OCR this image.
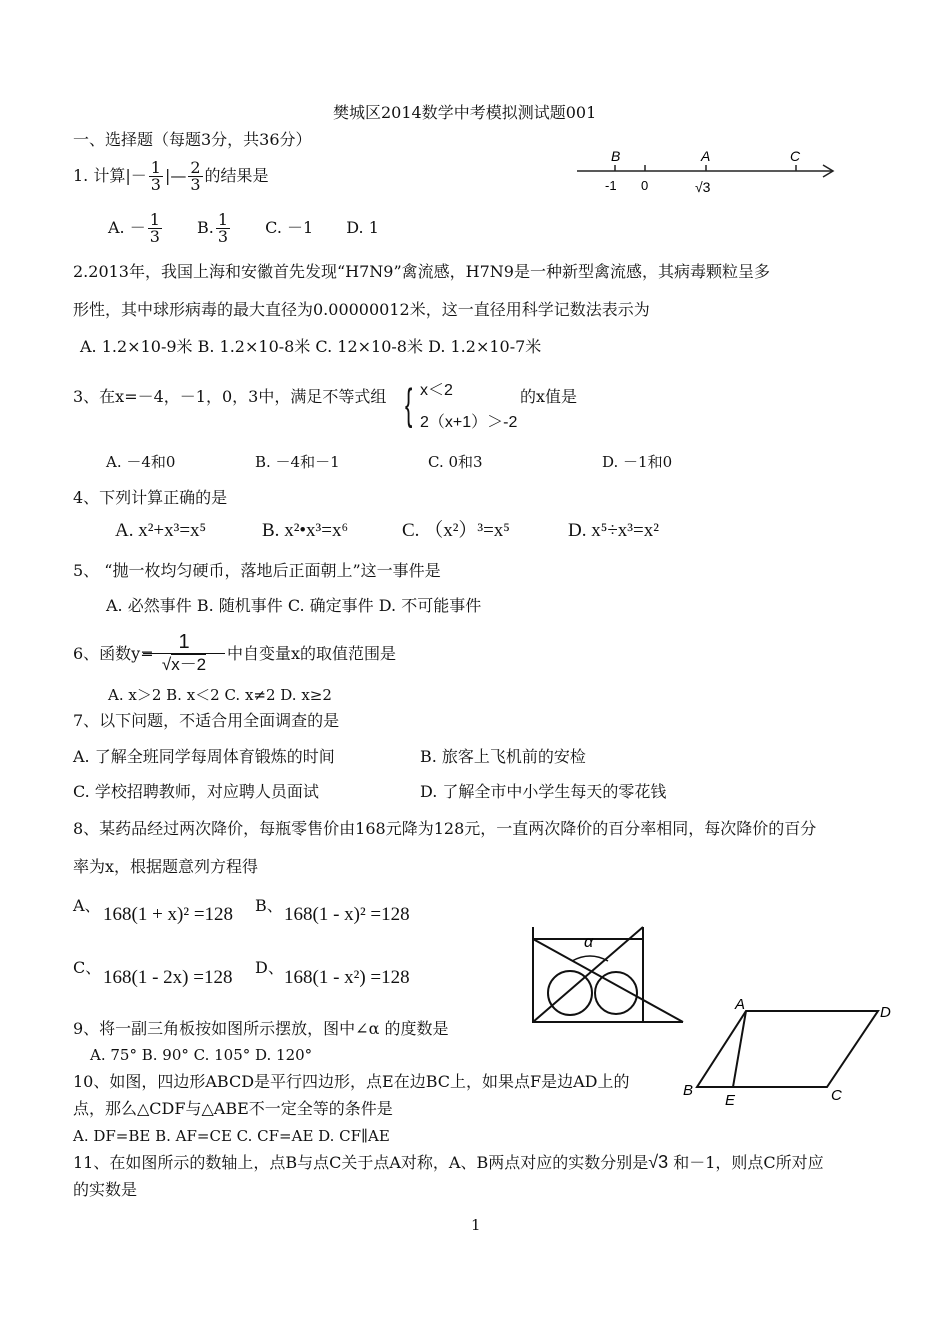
樊城区2014数学中考模拟测试题001
一、选择题（每题3分，共36分）
1. 计算|－ $\frac{1}{3}$ |— $\frac{2}{3}$ 的结果是
A. － $\frac{1}{3} B$. $\frac{1}{3} C$. －1 D. 1
B	A	C
-1 0	√3
2.2013年，我国上海和安徽首先发现“H7N9”禽流感，H7N9是一种新型禽流感，其病毒颗粒呈多
形性，其中球形病毒的最大直径为0.00000012米，这一直径用科学记数法表示为
A. 1.2×10-9米 B. 1.2×10-8米 C. 12×10-8米 D. 1.2×10-7米
3、在x=－4，－1，0，3中，满足不等式组 { x＜2
2（x+1）＞-2
的x值是
A. －4和0	B. －4和－1	C. 0和3	D. －1和0
4、下列计算正确的是
A. x²+x³=x⁵	B. x²•x³=x⁶	C. （x²）³=x⁵	D. x⁵÷x³=x²
5、 “抛一枚均匀硬币，落地后正面朝上”这一事件是
A. 必然事件 B. 随机事件 C. 确定事件 D. 不可能事件
6、函数y=
$\frac{1}{√x-2}$ 中自变量x的取值范围是
A. x＞2 B. x＜2 C. x≠2 D. x≥2
7、以下问题，不适合用全面调查的是
A. 了解全班同学每周体育锻炼的时间	B. 旅客上飞机前的安检
C. 学校招聘教师，对应聘人员面试	D. 了解全市中小学生每天的零花钱
8、某药品经过两次降价，每瓶零售价由168元降为128元，一直两次降价的百分率相同，每次降价的百分
率为x，根据题意列方程得
A、 168(1 + x)² =128 B、 168(1 - x)² =128
C、 168(1 - 2x) =128 D、 168(1 - x²) =128
α
A	D
B	C
E
9、将一副三角板按如图所示摆放，图中∠α 的度数是
A. 75° B. 90° C. 105° D. 120°
10、如图，四边形ABCD是平行四边形，点E在边BC上，如果点F是边AD上的
点，那么△CDF与△ABE不一定全等的条件是
A. DF=BE B. AF=CE C. CF=AE D. CF∥AE
11、在如图所示的数轴上，点B与点C关于点A对称，A、B两点对应的实数分别是√3 和－1，则点C所对应
的实数是
1
